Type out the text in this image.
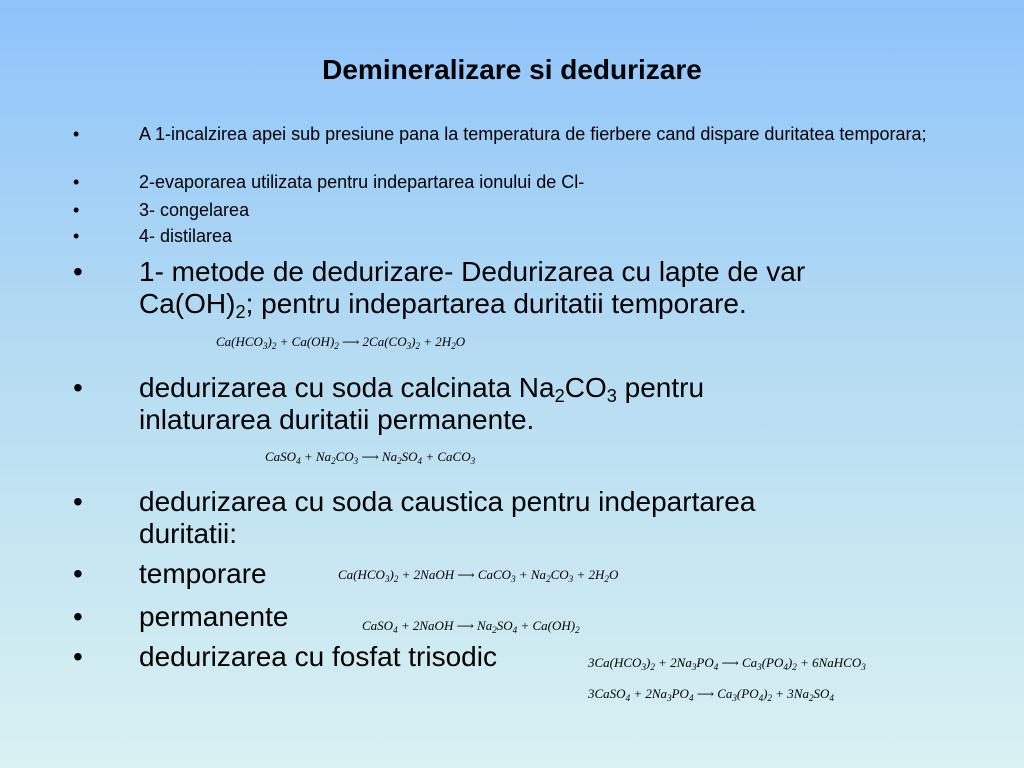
Demineralizare si dedurizare
•	A 1-incalzirea apei sub presiune pana la temperatura de fierbere cand dispare duritatea temporara;
•	2-evaporarea utilizata pentru indepartarea ionului de Cl-
•	3- congelarea
•	4- distilarea
• 1- metode de dedurizare- Dedurizarea cu lapte de var
$Ca(OH)_2$; pentru indepartarea duritatii temporare.
$Ca(HCO_3)_2 + Ca(OH)_2$ ⟶ $2Ca(CO_3)_2 + 2H_2O$
• dedurizarea cu soda calcinata $Na_2CO_3$ pentru
inlaturarea duritatii permanente.
CaSO$_4$ + $Na_2CO_3$ ⟶ $Na_2SO_4$ + CaCO$_3$
• dedurizarea cu soda caustica pentru indepartarea
duritatii:
• temporare	$Ca(HCO_3)_2$ + 2NaOH ⟶ CaCO$_3$ + $Na_2CO_3 + 2H_2O$
• permanente	CaSO$_4$ + 2NaOH ⟶ $Na_2SO_4 + Ca(OH)_2$
• dedurizarea cu fosfat trisodic	$3Ca(HCO_3)_2 + 2Na_3PO_4$ ⟶ $Ca_3(PO_4)_2$ + 6NaHCO$_3$
3CaSO$_4$ + $2Na_3PO_4$ ⟶ $Ca_3(PO_4)_2 + 3Na_2SO_4$
